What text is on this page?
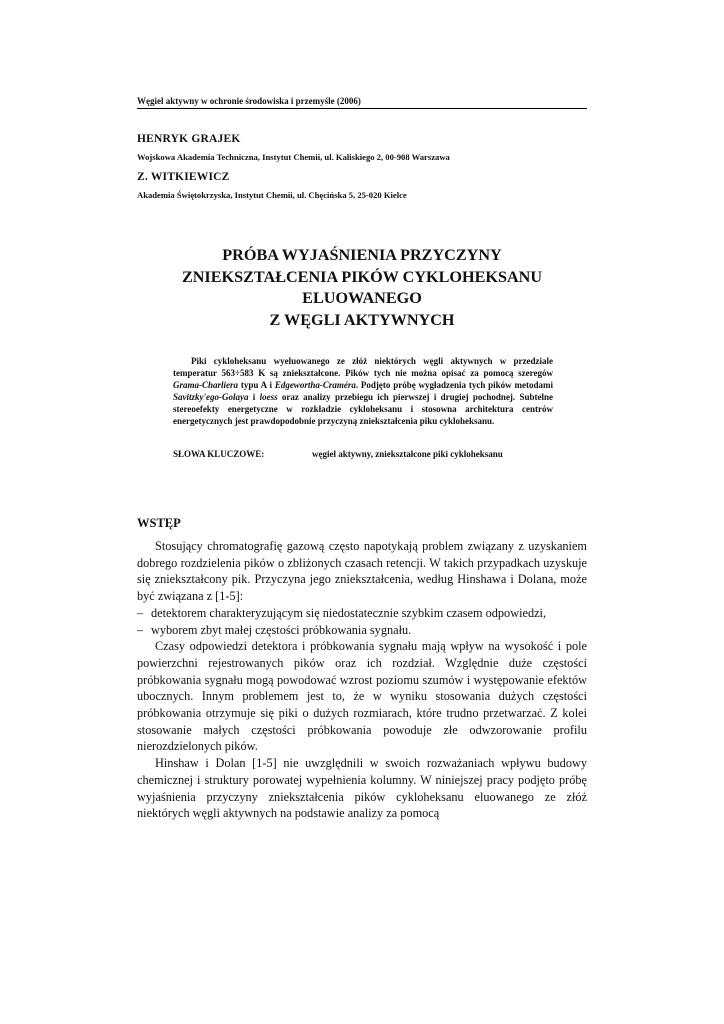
Węgiel aktywny w ochronie środowiska i przemyśle (2006)
HENRYK GRAJEK
Wojskowa Akademia Techniczna, Instytut Chemii, ul. Kaliskiego 2, 00-908 Warszawa
Z. WITKIEWICZ
Akademia Świętokrzyska, Instytut Chemii, ul. Chęcińska 5, 25-020 Kielce
PRÓBA WYJAŚNIENIA PRZYCZYNY
ZNIEKSZTAŁCENIA PIKÓW CYKLOHEKSANU
ELUOWANEGO
Z WĘGLI AKTYWNYCH

Piki cykloheksanu wyeluowanego ze złóż niektórych węgli aktywnych w przedziale temperatur 563÷583 K są zniekształcone. Pików tych nie można opisać za pomocą szeregów Grama-Charliera typu A i Edgewortha-Craméra. Podjęto próbę wygładzenia tych pików metodami Savitzky'ego-Golaya i loess oraz analizy przebiegu ich pierwszej i drugiej pochodnej. Subtelne stereoefekty energetyczne w rozkładzie cykloheksanu i stosowna architektura centrów energetycznych jest prawdopodobnie przyczyną zniekształcenia piku cykloheksanu.

SŁOWA KLUCZOWE:	węgiel aktywny, zniekształcone piki cykloheksanu
WSTĘP

Stosujący chromatografię gazową często napotykają problem związany z uzyskaniem dobrego rozdzielenia pików o zbliżonych czasach retencji. W takich przypadkach uzyskuje się zniekształcony pik. Przyczyna jego zniekształcenia, według Hinshawa i Dolana, może być związana z [1-5]:

– detektorem charakteryzującym się niedostatecznie szybkim czasem odpowiedzi,

– wyborem zbyt małej częstości próbkowania sygnału.

Czasy odpowiedzi detektora i próbkowania sygnału mają wpływ na wysokość i pole powierzchni rejestrowanych pików oraz ich rozdział. Względnie duże częstości próbkowania sygnału mogą powodować wzrost poziomu szumów i występowanie efektów ubocznych. Innym problemem jest to, że w wyniku stosowania dużych częstości próbkowania otrzymuje się piki o dużych rozmiarach, które trudno przetwarzać. Z kolei stosowanie małych częstości próbkowania powoduje złe odwzorowanie profilu nierozdzielonych pików.

Hinshaw i Dolan [1-5] nie uwzględnili w swoich rozważaniach wpływu budowy chemicznej i struktury porowatej wypełnienia kolumny. W niniejszej pracy podjęto próbę wyjaśnienia przyczyny zniekształcenia pików cykloheksanu eluowanego ze złóż niektórych węgli aktywnych na podstawie analizy za pomocą
